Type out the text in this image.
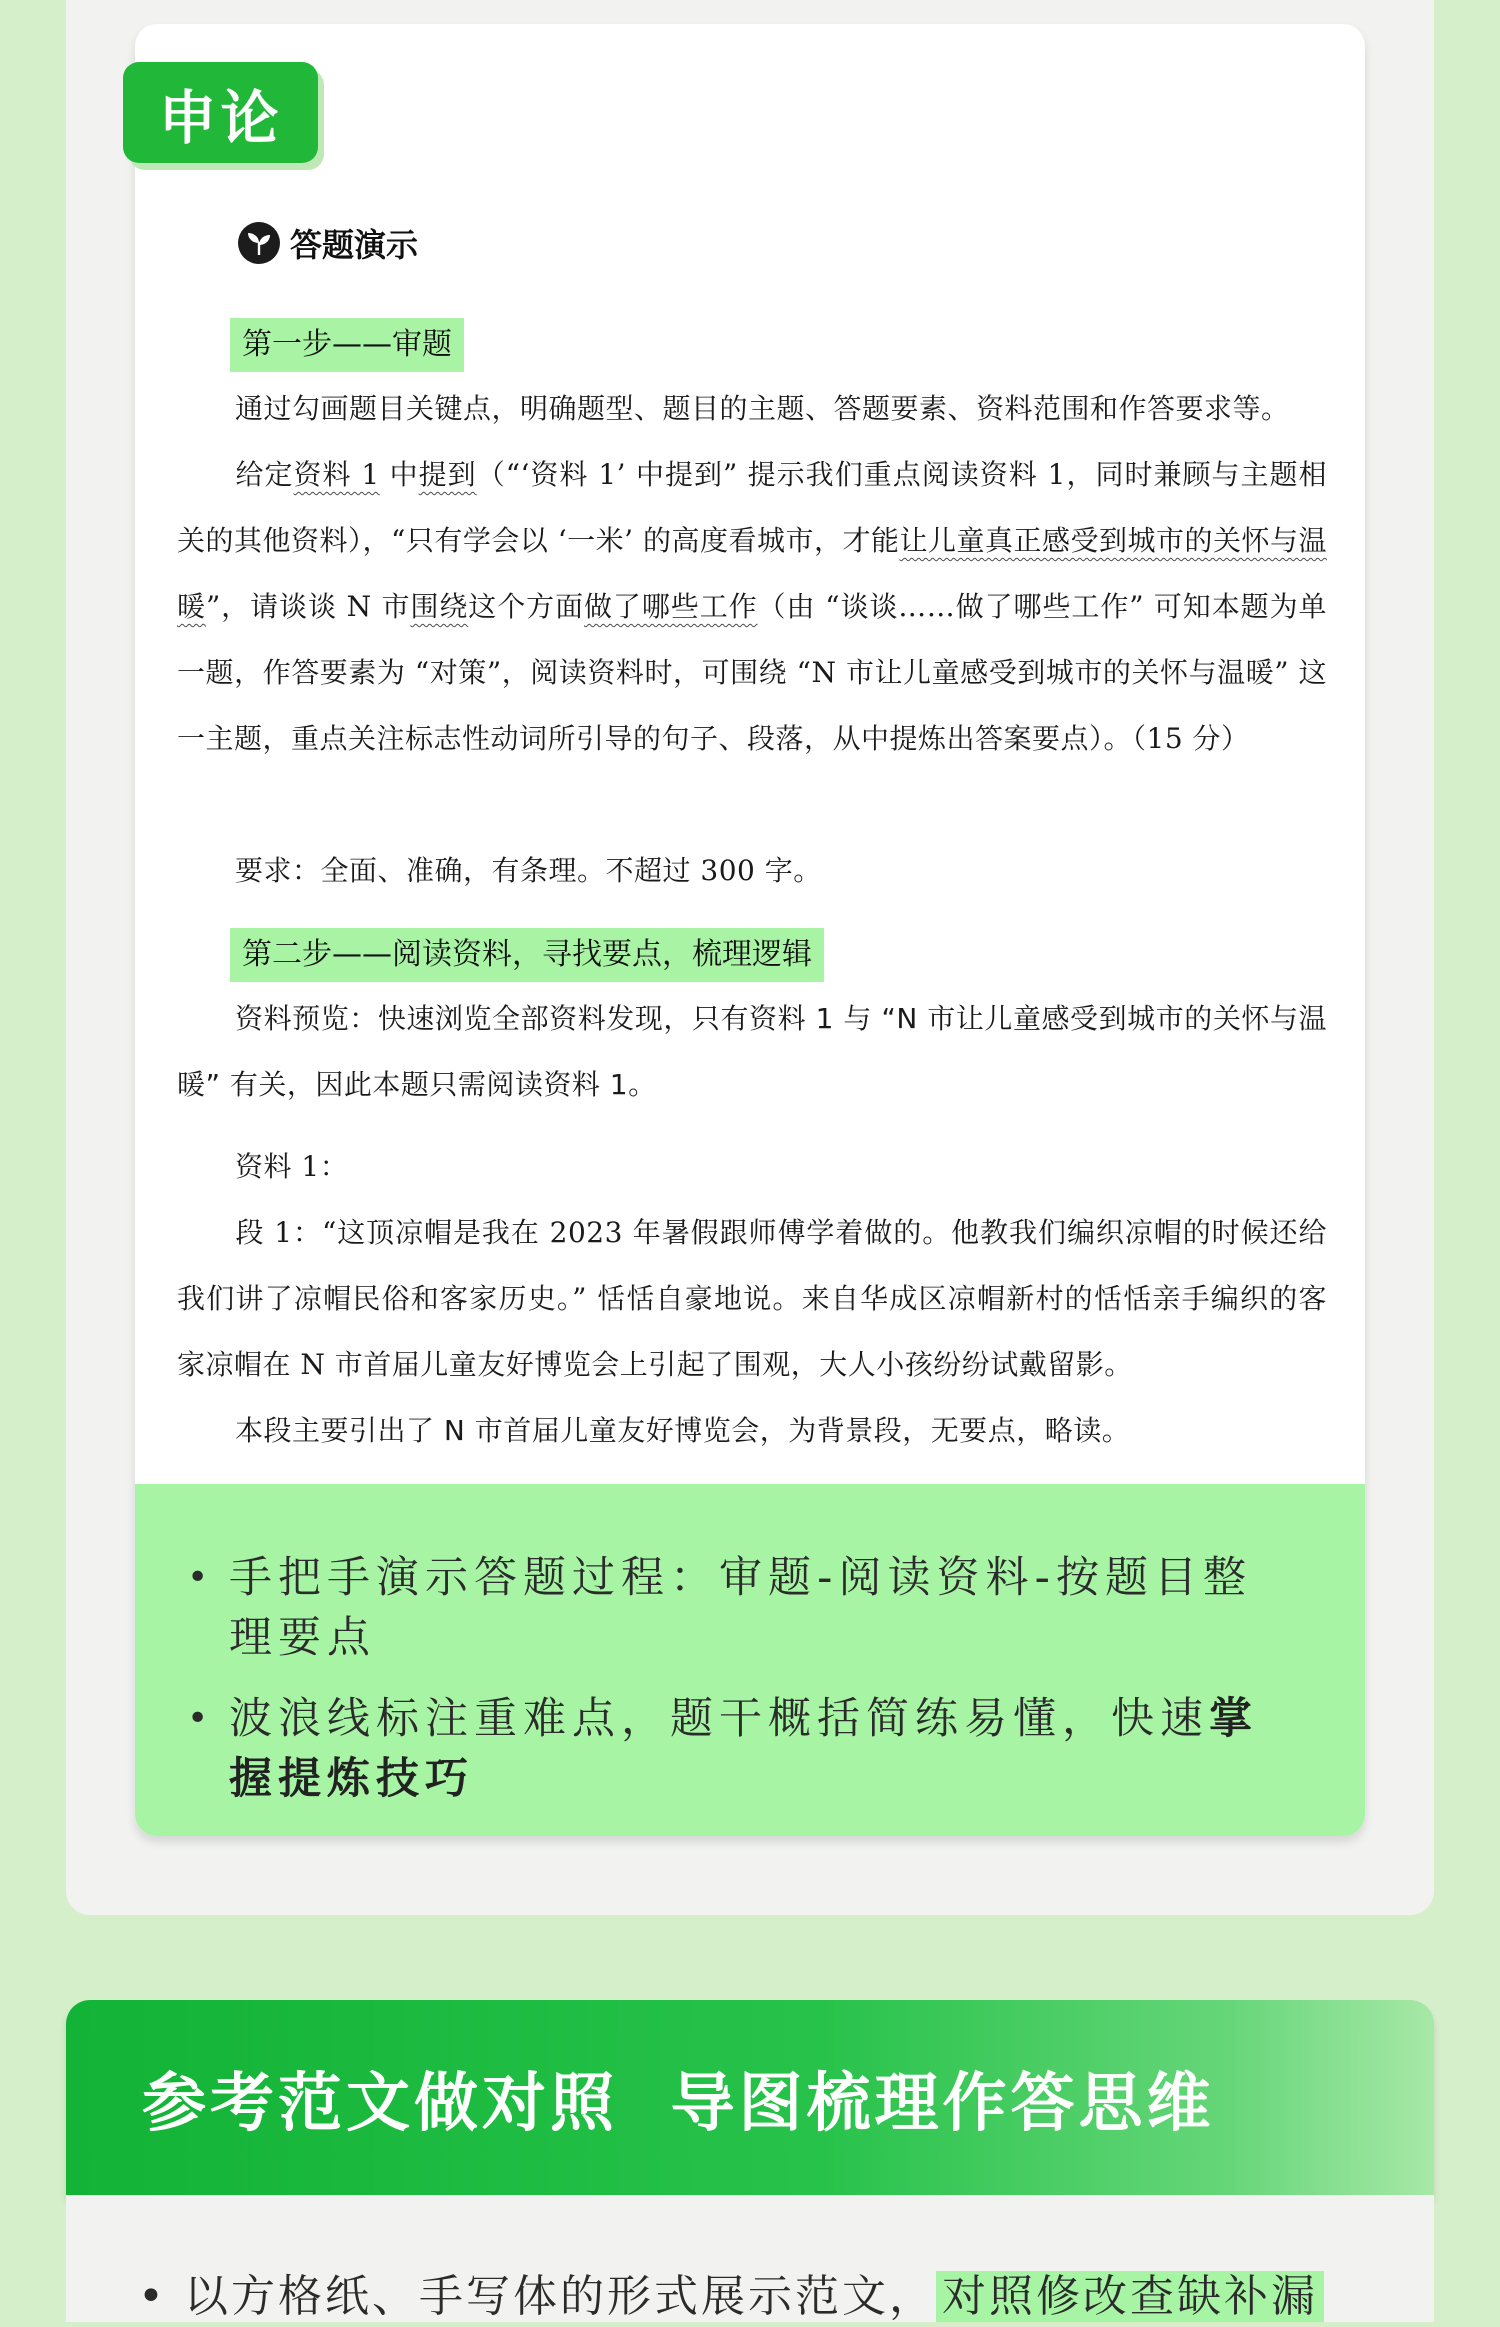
答题演示
第一步——审题
通过勾画题目关键点，明确题型、题目的主题、答题要素、资料范围和作答要求等。
给定资料 1 中提到（“‘资料 1’ 中提到” 提示我们重点阅读资料 1，同时兼顾与主题相关的其他资料），“只有学会以 ‘一米’ 的高度看城市，才能让儿童真正感受到城市的关怀与温暖”，请谈谈 N 市围绕这个方面做了哪些工作（由 “谈谈……做了哪些工作” 可知本题为单一题，作答要素为 “对策”，阅读资料时，可围绕 “N 市让儿童感受到城市的关怀与温暖” 这一主题，重点关注标志性动词所引导的句子、段落，从中提炼出答案要点）。（15 分）
要求：全面、准确，有条理。不超过 300 字。
第二步——阅读资料，寻找要点，梳理逻辑
资料预览：快速浏览全部资料发现，只有资料 1 与 “N 市让儿童感受到城市的关怀与温暖” 有关，因此本题只需阅读资料 1。
资料 1：
段 1：“这顶凉帽是我在 2023 年暑假跟师傅学着做的。他教我们编织凉帽的时候还给我们讲了凉帽民俗和客家历史。” 恬恬自豪地说。来自华成区凉帽新村的恬恬亲手编织的客家凉帽在 N 市首届儿童友好博览会上引起了围观，大人小孩纷纷试戴留影。
本段主要引出了 N 市首届儿童友好博览会，为背景段，无要点，略读。
• 手把手演示答题过程：审题-阅读资料-按题目整理要点
• 波浪线标注重难点，题干概括简练易懂，快速掌握提炼技巧
申论
参考范文做对照  导图梳理作答思维
• 以方格纸、手写体的形式展示范文， 对照修改查缺补漏
